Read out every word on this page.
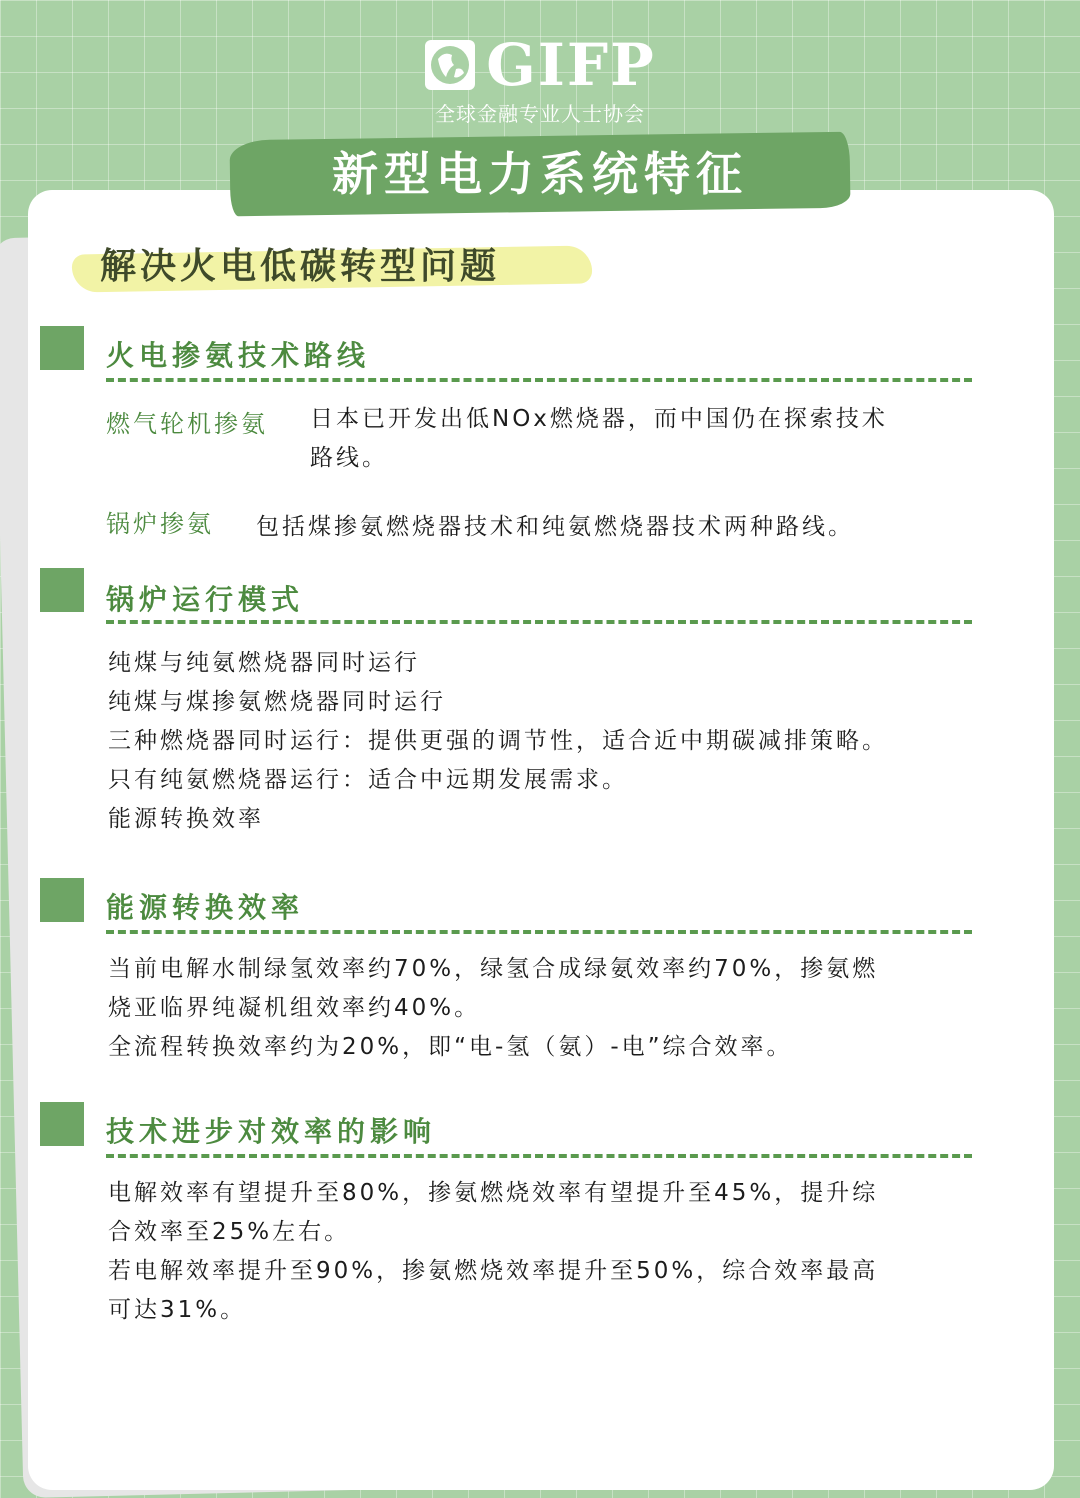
GIFP
全球金融专业人士协会
新型电力系统特征
解决火电低碳转型问题
火电掺氨技术路线
燃气轮机掺氨 日本已开发出低NOx燃烧器，而中国仍在探索技术
路线。
锅炉掺氨 包括煤掺氨燃烧器技术和纯氨燃烧器技术两种路线。
锅炉运行模式
纯煤与纯氨燃烧器同时运行
纯煤与煤掺氨燃烧器同时运行
三种燃烧器同时运行：提供更强的调节性，适合近中期碳减排策略。
只有纯氨燃烧器运行：适合中远期发展需求。
能源转换效率
能源转换效率
当前电解水制绿氢效率约70%，绿氢合成绿氨效率约70%，掺氨燃
烧亚临界纯凝机组效率约40%。
全流程转换效率约为20%，即“电-氢（氨）-电”综合效率。
技术进步对效率的影响
电解效率有望提升至80%，掺氨燃烧效率有望提升至45%，提升综
合效率至25%左右。
若电解效率提升至90%，掺氨燃烧效率提升至50%，综合效率最高
可达31%。
